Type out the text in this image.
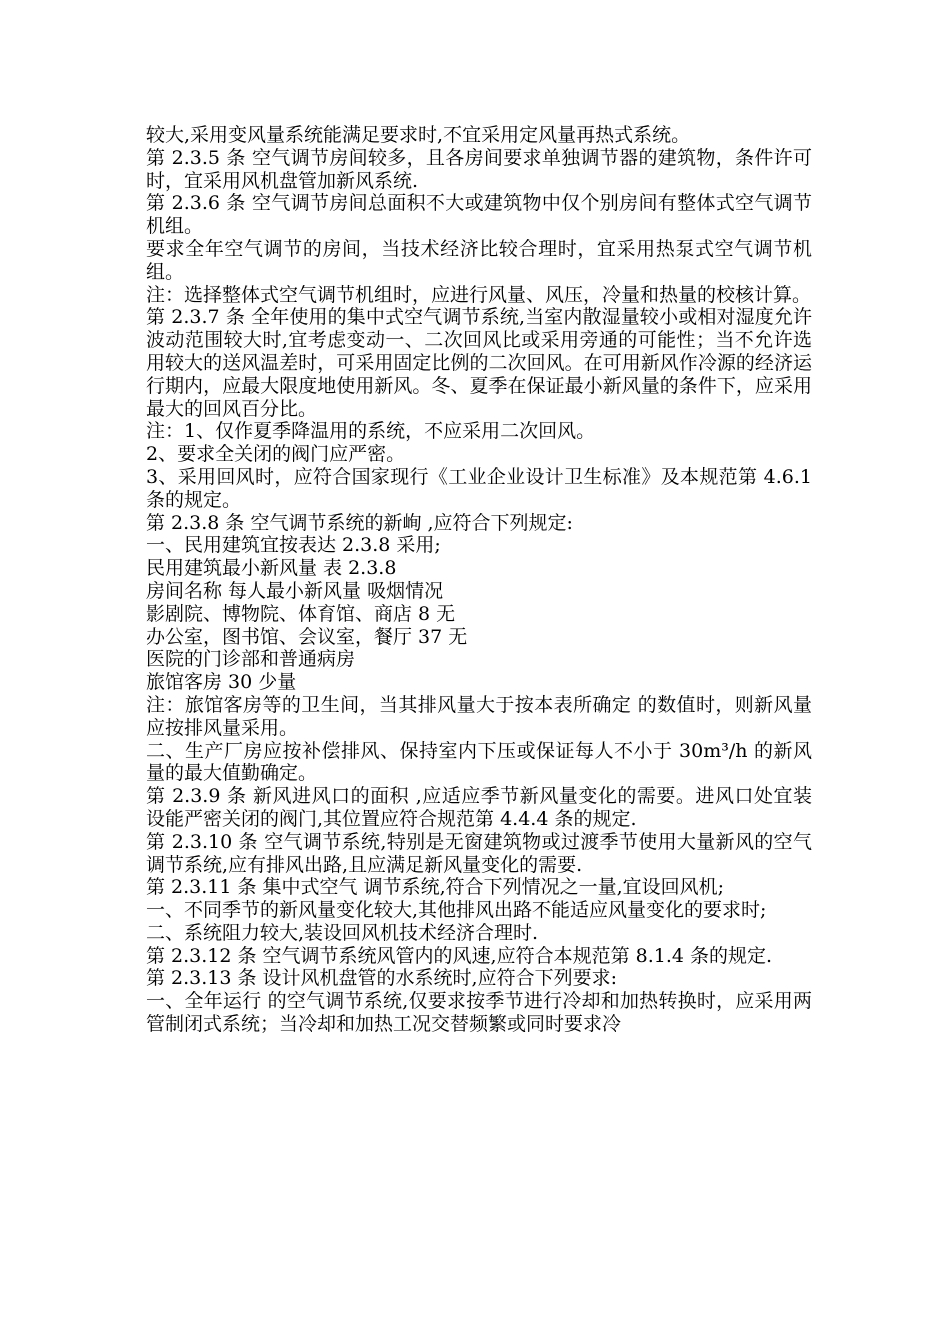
较大,采用变风量系统能满足要求时,不宜采用定风量再热式系统。

第 2.3.5 条 空气调节房间较多，且各房间要求单独调节器的建筑物，条件许可时，宜采用风机盘管加新风系统.

第 2.3.6 条 空气调节房间总面积不大或建筑物中仅个别房间有整体式空气调节机组。

要求全年空气调节的房间，当技术经济比较合理时，宜采用热泵式空气调节机组。

注：选择整体式空气调节机组时，应进行风量、风压，冷量和热量的校核计算。

第 2.3.7 条 全年使用的集中式空气调节系统,当室内散湿量较小或相对湿度允许波动范围较大时,宜考虑变动一、二次回风比或采用旁通的可能性；当不允许选用较大的送风温差时，可采用固定比例的二次回风。在可用新风作冷源的经济运行期内，应最大限度地使用新风。冬、夏季在保证最小新风量的条件下，应采用最大的回风百分比。

注：1、仅作夏季降温用的系统，不应采用二次回风。

2、要求全关闭的阀门应严密。

3、采用回风时，应符合国家现行《工业企业设计卫生标准》及本规范第 4.6.1 条的规定。

第 2.3.8 条 空气调节系统的新峋 ,应符合下列规定:

一、民用建筑宜按表达 2.3.8 采用;

民用建筑最小新风量 表 2.3.8

房间名称 每人最小新风量 吸烟情况

影剧院、博物院、体育馆、商店 8 无

办公室，图书馆、会议室，餐厅 37 无

医院的门诊部和普通病房

旅馆客房 30 少量

注：旅馆客房等的卫生间，当其排风量大于按本表所确定 的数值时，则新风量应按排风量采用。

二、生产厂房应按补偿排风、保持室内下压或保证每人不小于 30m³/h 的新风量的最大值勤确定。

第 2.3.9 条 新风进风口的面积 ,应适应季节新风量变化的需要。进风口处宜装设能严密关闭的阀门,其位置应符合规范第 4.4.4 条的规定.

第 2.3.10 条 空气调节系统,特别是无窗建筑物或过渡季节使用大量新风的空气调节系统,应有排风出路,且应满足新风量变化的需要.

第 2.3.11 条 集中式空气 调节系统,符合下列情况之一量,宜设回风机;

一、不同季节的新风量变化较大,其他排风出路不能适应风量变化的要求时;

二、系统阻力较大,装设回风机技术经济合理时.

第 2.3.12 条 空气调节系统风管内的风速,应符合本规范第 8.1.4 条的规定.

第 2.3.13 条 设计风机盘管的水系统时,应符合下列要求:

一、全年运行 的空气调节系统,仅要求按季节进行冷却和加热转换时，应采用两管制闭式系统；当冷却和加热工况交替频繁或同时要求冷
